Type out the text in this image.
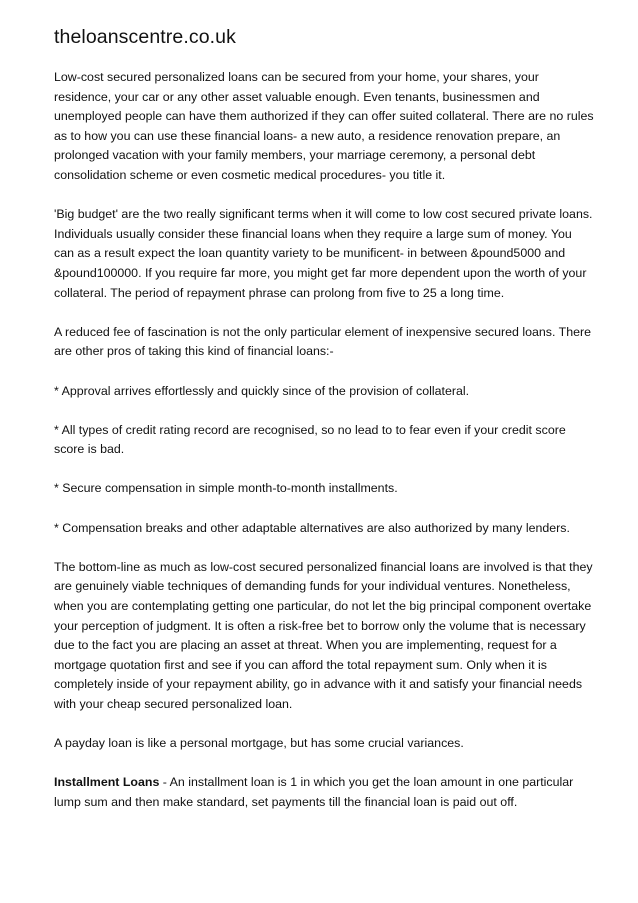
theloanscentre.co.uk

Low-cost secured personalized loans can be secured from your home, your shares, your residence, your car or any other asset valuable enough. Even tenants, businessmen and unemployed people can have them authorized if they can offer suited collateral. There are no rules as to how you can use these financial loans- a new auto, a residence renovation prepare, an prolonged vacation with your family members, your marriage ceremony, a personal debt consolidation scheme or even cosmetic medical procedures- you title it.

'Big budget' are the two really significant terms when it will come to low cost secured private loans. Individuals usually consider these financial loans when they require a large sum of money. You can as a result expect the loan quantity variety to be munificent- in between &pound5000 and &pound100000. If you require far more, you might get far more dependent upon the worth of your collateral. The period of repayment phrase can prolong from five to 25 a long time.

A reduced fee of fascination is not the only particular element of inexpensive secured loans. There are other pros of taking this kind of financial loans:-

* Approval arrives effortlessly and quickly since of the provision of collateral.

* All types of credit rating record are recognised, so no lead to to fear even if your credit score score is bad.

* Secure compensation in simple month-to-month installments.

* Compensation breaks and other adaptable alternatives are also authorized by many lenders.

The bottom-line as much as low-cost secured personalized financial loans are involved is that they are genuinely viable techniques of demanding funds for your individual ventures. Nonetheless, when you are contemplating getting one particular, do not let the big principal component overtake your perception of judgment. It is often a risk-free bet to borrow only the volume that is necessary due to the fact you are placing an asset at threat. When you are implementing, request for a mortgage quotation first and see if you can afford the total repayment sum. Only when it is completely inside of your repayment ability, go in advance with it and satisfy your financial needs with your cheap secured personalized loan.

A payday loan is like a personal mortgage, but has some crucial variances.

Installment Loans - An installment loan is 1 in which you get the loan amount in one particular lump sum and then make standard, set payments till the financial loan is paid out off.
